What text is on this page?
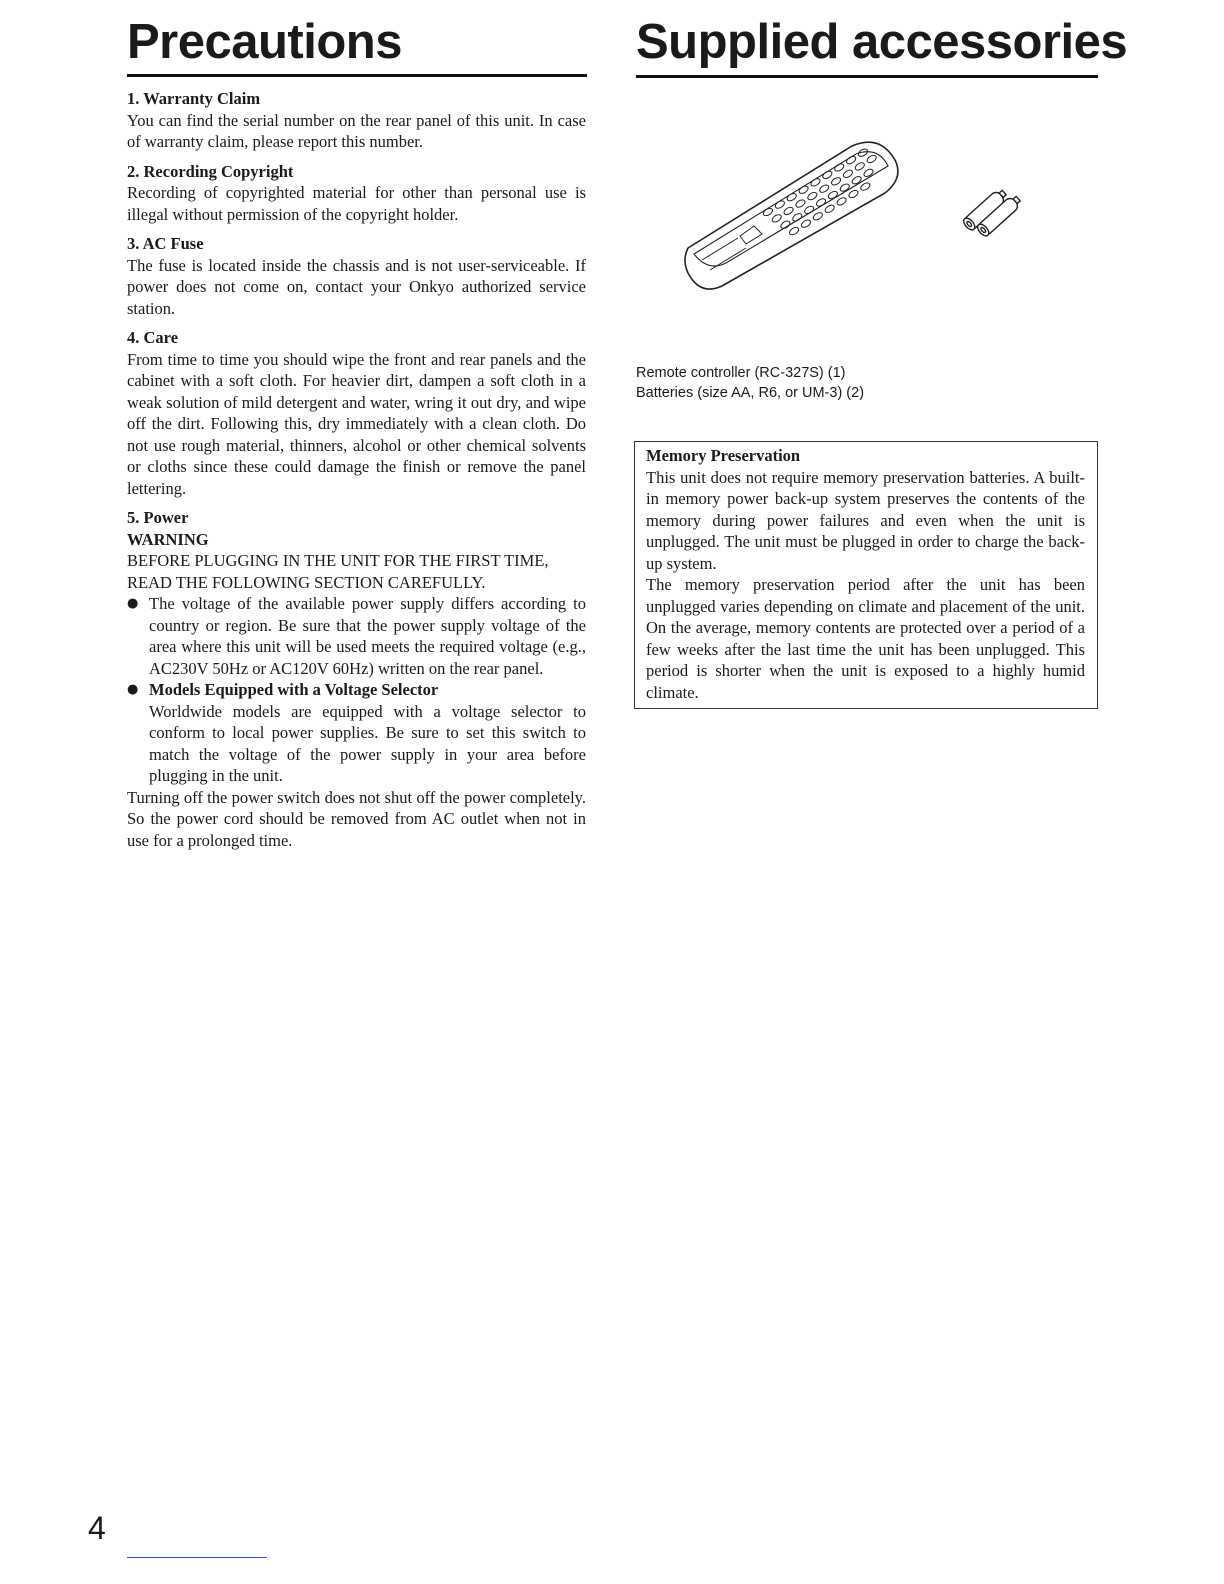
Precautions

1. Warranty Claim

You can find the serial number on the rear panel of this unit. In case of warranty claim, please report this number.

2. Recording Copyright

Recording of copyrighted material for other than personal use is illegal without permission of the copyright holder.

3. AC Fuse

The fuse is located inside the chassis and is not user-serviceable. If power does not come on, contact your Onkyo authorized service station.

4. Care

From time to time you should wipe the front and rear panels and the cabinet with a soft cloth. For heavier dirt, dampen a soft cloth in a weak solution of mild detergent and water, wring it out dry, and wipe off the dirt. Following this, dry immediately with a clean cloth. Do not use rough material, thinners, alcohol or other chemical solvents or cloths since these could damage the finish or remove the panel lettering.

5. Power

WARNING

BEFORE PLUGGING IN THE UNIT FOR THE FIRST TIME,

READ THE FOLLOWING SECTION CAREFULLY.

● The voltage of the available power supply differs according to country or region. Be sure that the power supply voltage of the area where this unit will be used meets the required voltage (e.g., AC230V 50Hz or AC120V 60Hz) written on the rear panel.
● Models Equipped with a Voltage Selector
Worldwide models are equipped with a voltage selector to conform to local power supplies. Be sure to set this switch to match the voltage of the power supply in your area before plugging in the unit.

Turning off the power switch does not shut off the power completely. So the power cord should be removed from AC outlet when not in use for a prolonged time.

Supplied accessories
Remote controller (RC-327S) (1)
Batteries (size AA, R6, or UM-3) (2)

Memory Preservation

This unit does not require memory preservation batteries. A built-in memory power back-up system preserves the contents of the memory during power failures and even when the unit is unplugged. The unit must be plugged in order to charge the back-up system.

The memory preservation period after the unit has been unplugged varies depending on climate and placement of the unit. On the average, memory contents are protected over a period of a few weeks after the last time the unit has been unplugged. This period is shorter when the unit is exposed to a highly humid climate.

4
